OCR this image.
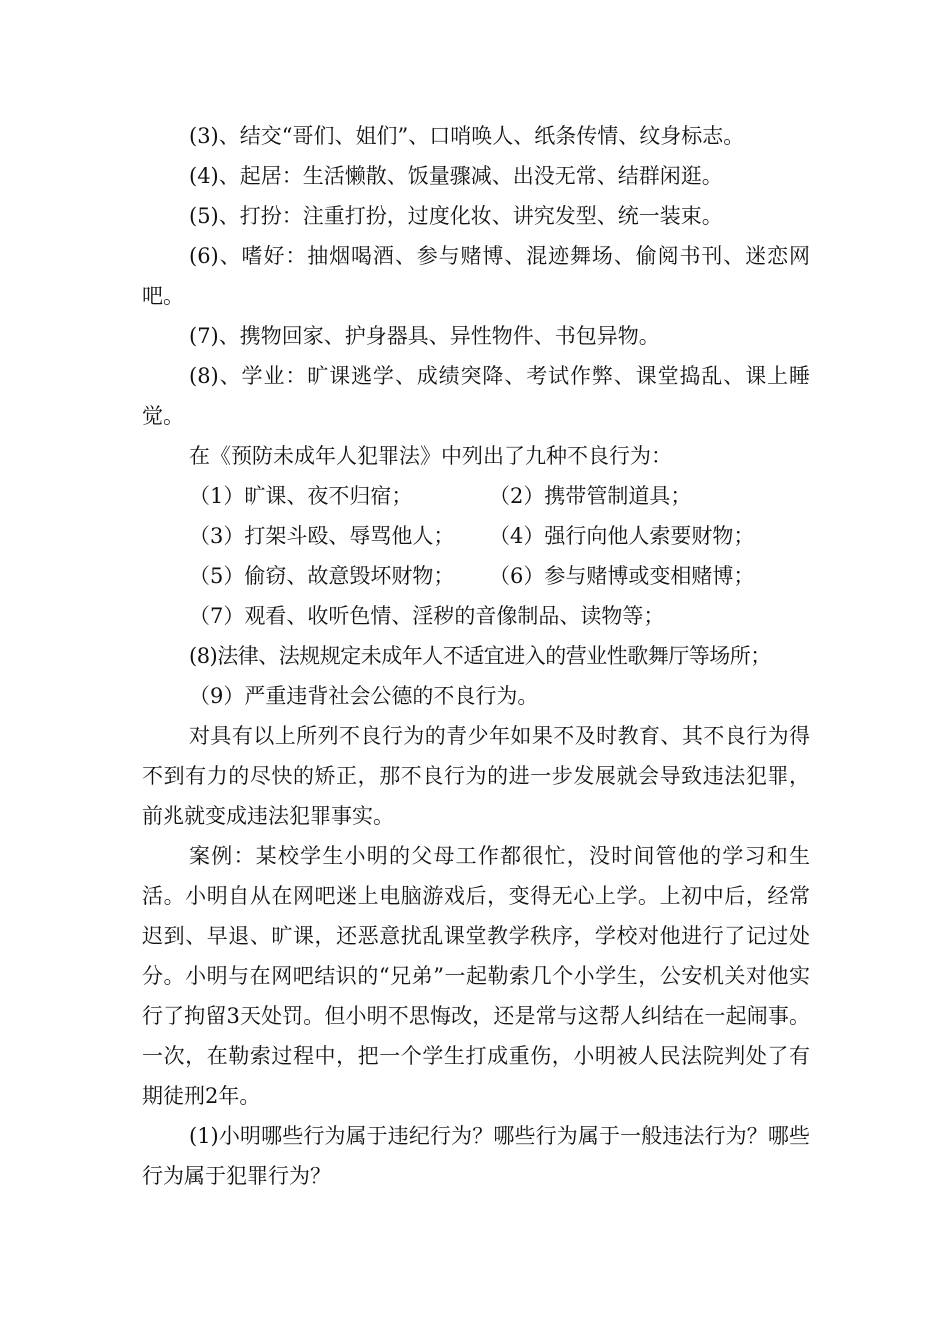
(3)、结交“哥们、姐们”、口哨唤人、纸条传情、纹身标志。

(4)、起居：生活懒散、饭量骤减、出没无常、结群闲逛。

(5)、打扮：注重打扮，过度化妆、讲究发型、统一装束。

(6)、嗜好：抽烟喝酒、参与赌博、混迹舞场、偷阅书刊、迷恋网吧。

(7)、携物回家、护身器具、异性物件、书包异物。

(8)、学业：旷课逃学、成绩突降、考试作弊、课堂捣乱、课上睡觉。

在《预防未成年人犯罪法》中列出了九种不良行为：

（1）旷课、夜不归宿；	（2）携带管制道具；
（3）打架斗殴、辱骂他人；	（4）强行向他人索要财物；
（5）偷窃、故意毁坏财物；	（6）参与赌博或变相赌博；

（7）观看、收听色情、淫秽的音像制品、读物等；

(8)法律、法规规定未成年人不适宜进入的营业性歌舞厅等场所；

（9）严重违背社会公德的不良行为。

对具有以上所列不良行为的青少年如果不及时教育、其不良行为得不到有力的尽快的矫正，那不良行为的进一步发展就会导致违法犯罪，前兆就变成违法犯罪事实。

案例：某校学生小明的父母工作都很忙，没时间管他的学习和生活。小明自从在网吧迷上电脑游戏后，变得无心上学。上初中后，经常迟到、早退、旷课，还恶意扰乱课堂教学秩序，学校对他进行了记过处分。小明与在网吧结识的“兄弟”一起勒索几个小学生，公安机关对他实行了拘留3天处罚。但小明不思悔改，还是常与这帮人纠结在一起闹事。一次，在勒索过程中，把一个学生打成重伤，小明被人民法院判处了有期徒刑2年。

(1)小明哪些行为属于违纪行为？哪些行为属于一般违法行为？哪些行为属于犯罪行为？
